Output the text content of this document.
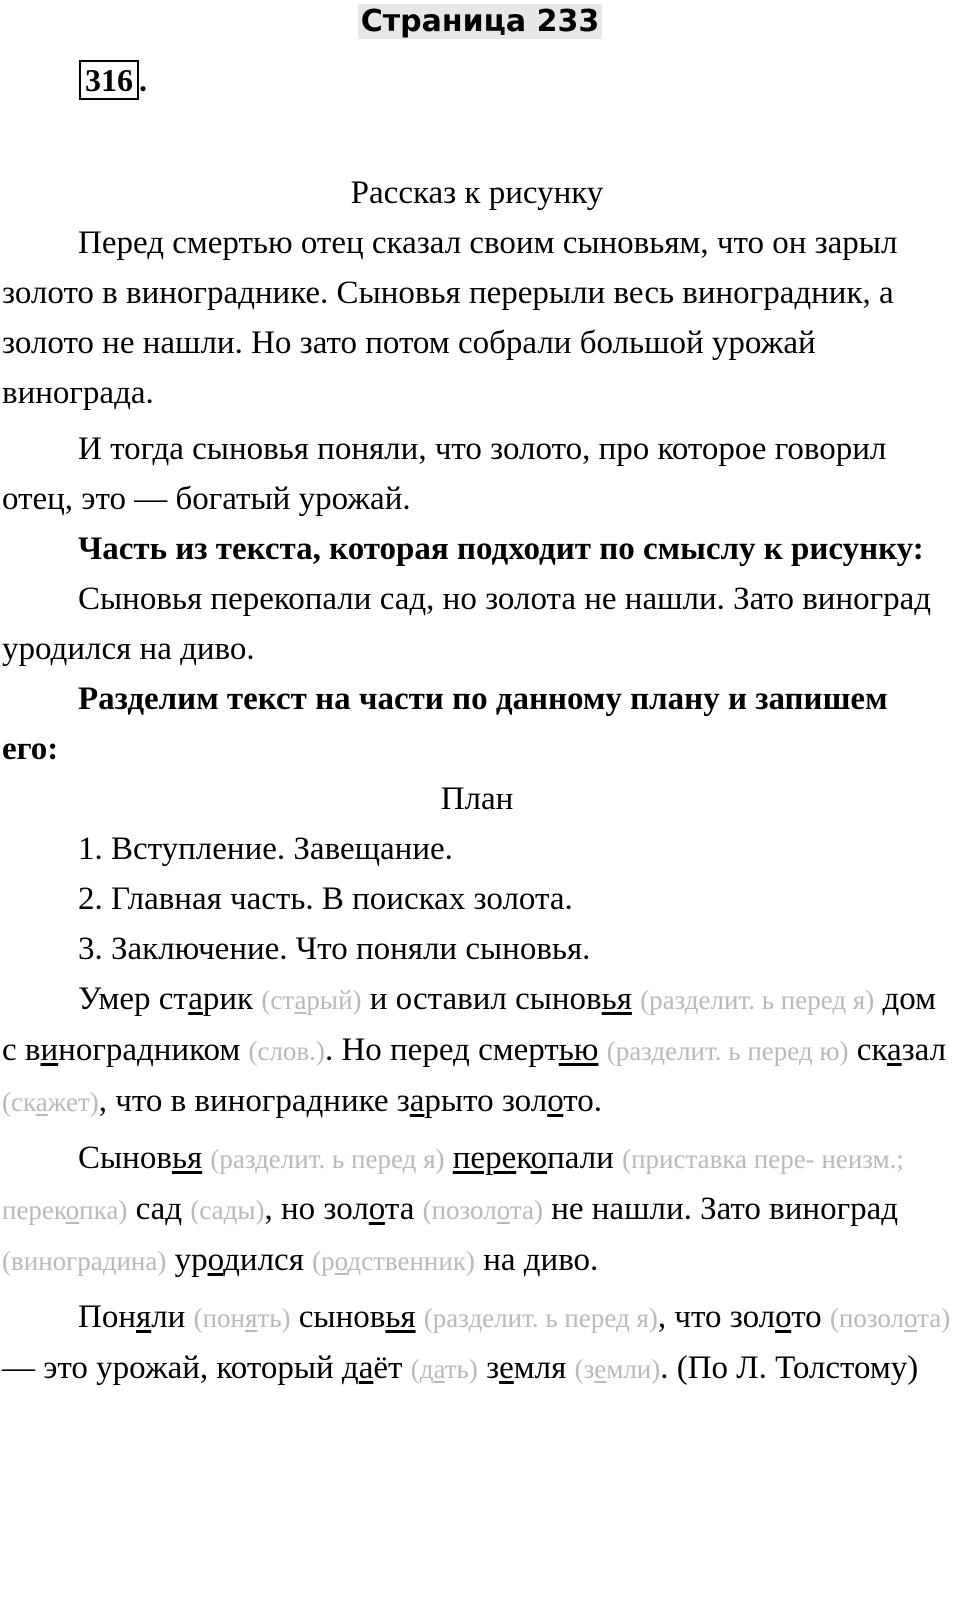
Страница 233
316 .

Рассказ к рисунку

Перед смертью отец сказал своим сыновьям, что он зарыл золото в винограднике. Сыновья перерыли весь виноградник, а золото не нашли. Но зато потом собрали большой урожай винограда.

И тогда сыновья поняли, что золото, про которое говорил отец, это — богатый урожай.

Часть из текста, которая подходит по смыслу к рисунку:

Сыновья перекопали сад, но золота не нашли. Зато виноград уродился на диво.

Разделим текст на части по данному плану и запишем его:

План

1. Вступление. Завещание.

2. Главная часть. В поисках золота.

3. Заключение. Что поняли сыновья.

Умер старик (старый) и оставил сыновья (разделит. ь перед я) дом с виноградником (слов.). Но перед смертью (разделит. ь перед ю) сказал (скажет), что в винограднике зарыто золото.

Сыновья (разделит. ь перед я) перекопали (приставка пере- неизм.; перекопка) сад (сады), но золота (позолота) не нашли. Зато виноград (виноградина) уродился (родственник) на диво.

Поняли (понять) сыновья (разделит. ь перед я), что золото (позолота) — это урожай, который даёт (дать) земля (земли). (По Л. Толстому)
